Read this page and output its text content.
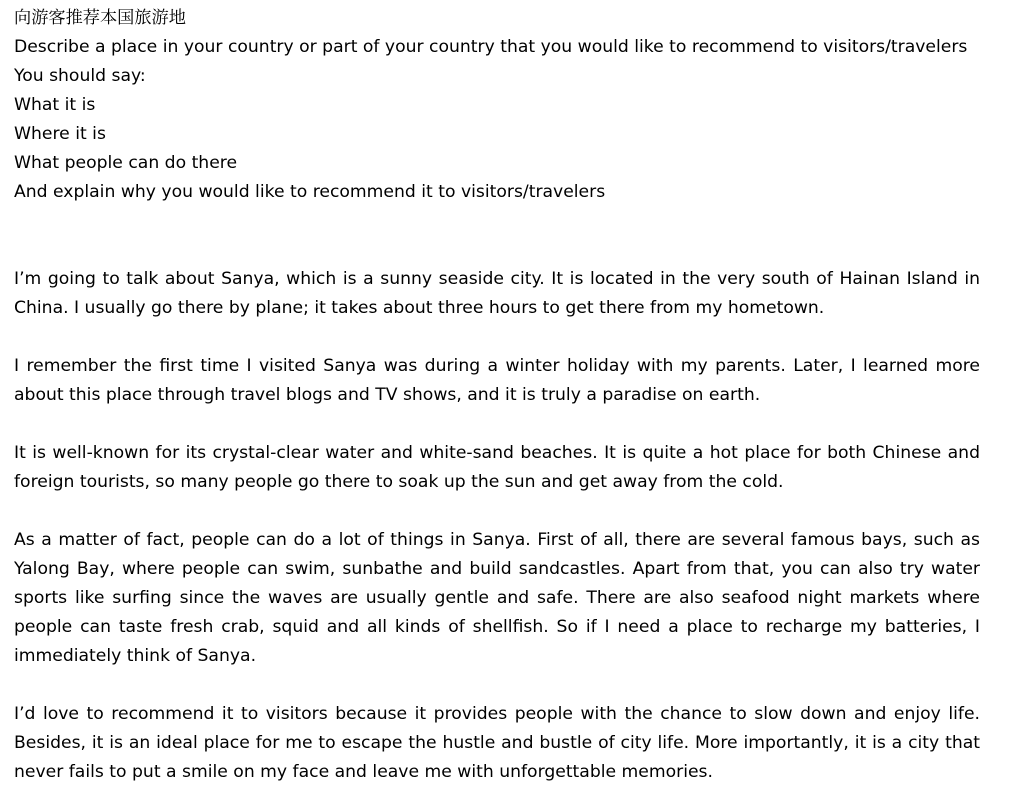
向游客推荐本国旅游地
Describe a place in your country or part of your country that you would like to recommend to visitors/travelers
You should say:
What it is
Where it is
What people can do there
And explain why you would like to recommend it to visitors/travelers

I’m going to talk about Sanya, which is a sunny seaside city. It is located in the very south of Hainan Island in China. I usually go there by plane; it takes about three hours to get there from my hometown.

I remember the first time I visited Sanya was during a winter holiday with my parents. Later, I learned more about this place through travel blogs and TV shows, and it is truly a paradise on earth.

It is well-known for its crystal-clear water and white-sand beaches. It is quite a hot place for both Chinese and foreign tourists, so many people go there to soak up the sun and get away from the cold.

As a matter of fact, people can do a lot of things in Sanya. First of all, there are several famous bays, such as Yalong Bay, where people can swim, sunbathe and build sandcastles. Apart from that, you can also try water sports like surfing since the waves are usually gentle and safe. There are also seafood night markets where people can taste fresh crab, squid and all kinds of shellfish. So if I need a place to recharge my batteries, I immediately think of Sanya.

I’d love to recommend it to visitors because it provides people with the chance to slow down and enjoy life. Besides, it is an ideal place for me to escape the hustle and bustle of city life. More importantly, it is a city that never fails to put a smile on my face and leave me with unforgettable memories.
